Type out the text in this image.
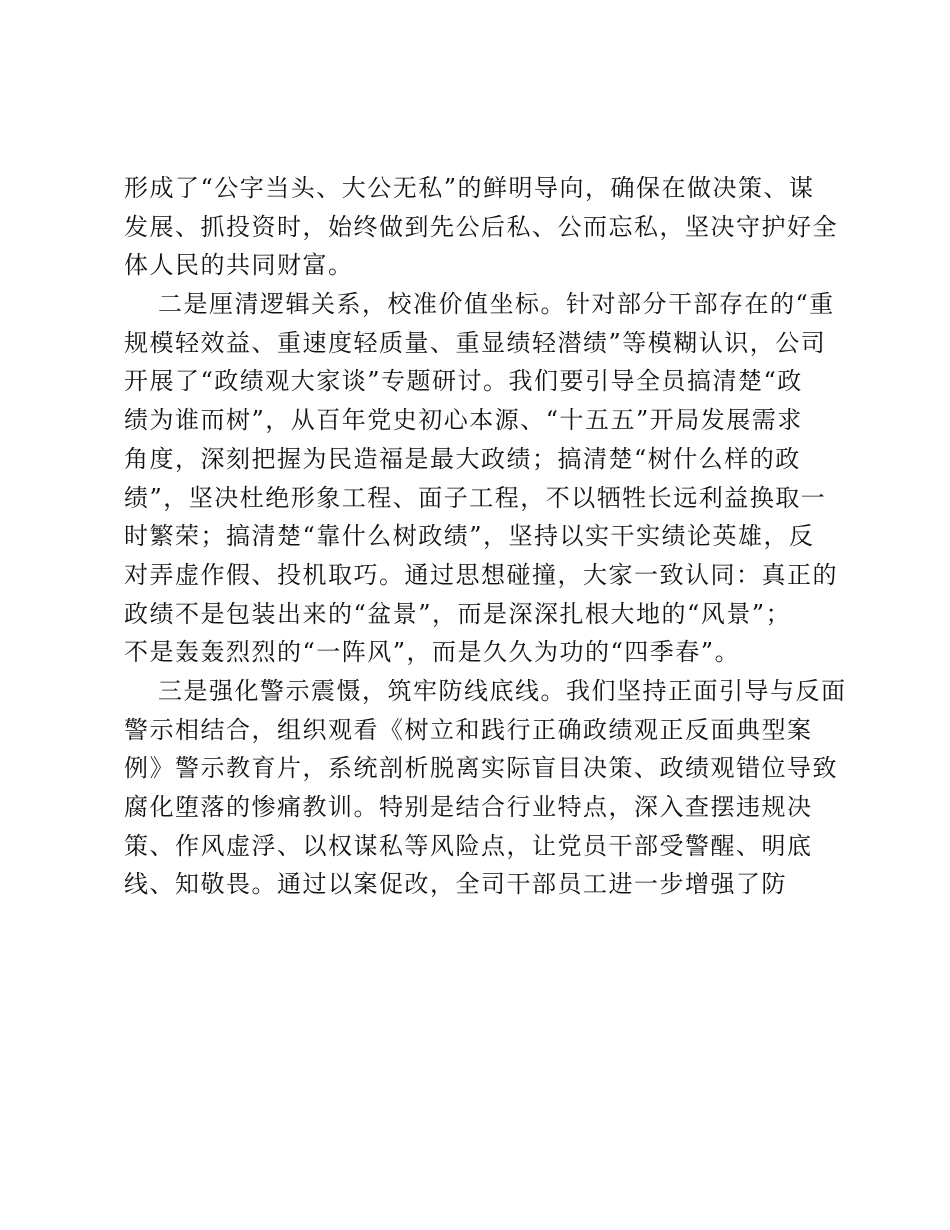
形成了“公字当头、大公无私”的鲜明导向，确保在做决策、谋
发展、抓投资时，始终做到先公后私、公而忘私，坚决守护好全
体人民的共同财富。
二是厘清逻辑关系，校准价值坐标。针对部分干部存在的“重
规模轻效益、重速度轻质量、重显绩轻潜绩”等模糊认识，公司
开展了“政绩观大家谈”专题研讨。我们要引导全员搞清楚“政
绩为谁而树”，从百年党史初心本源、“十五五”开局发展需求
角度，深刻把握为民造福是最大政绩；搞清楚“树什么样的政
绩”，坚决杜绝形象工程、面子工程，不以牺牲长远利益换取一
时繁荣；搞清楚“靠什么树政绩”，坚持以实干实绩论英雄，反
对弄虚作假、投机取巧。通过思想碰撞，大家一致认同：真正的
政绩不是包装出来的“盆景”，而是深深扎根大地的“风景”；
不是轰轰烈烈的“一阵风”，而是久久为功的“四季春”。
三是强化警示震慑，筑牢防线底线。我们坚持正面引导与反面
警示相结合，组织观看《树立和践行正确政绩观正反面典型案
例》警示教育片，系统剖析脱离实际盲目决策、政绩观错位导致
腐化堕落的惨痛教训。特别是结合行业特点，深入查摆违规决
策、作风虚浮、以权谋私等风险点，让党员干部受警醒、明底
线、知敬畏。通过以案促改，全司干部员工进一步增强了防
